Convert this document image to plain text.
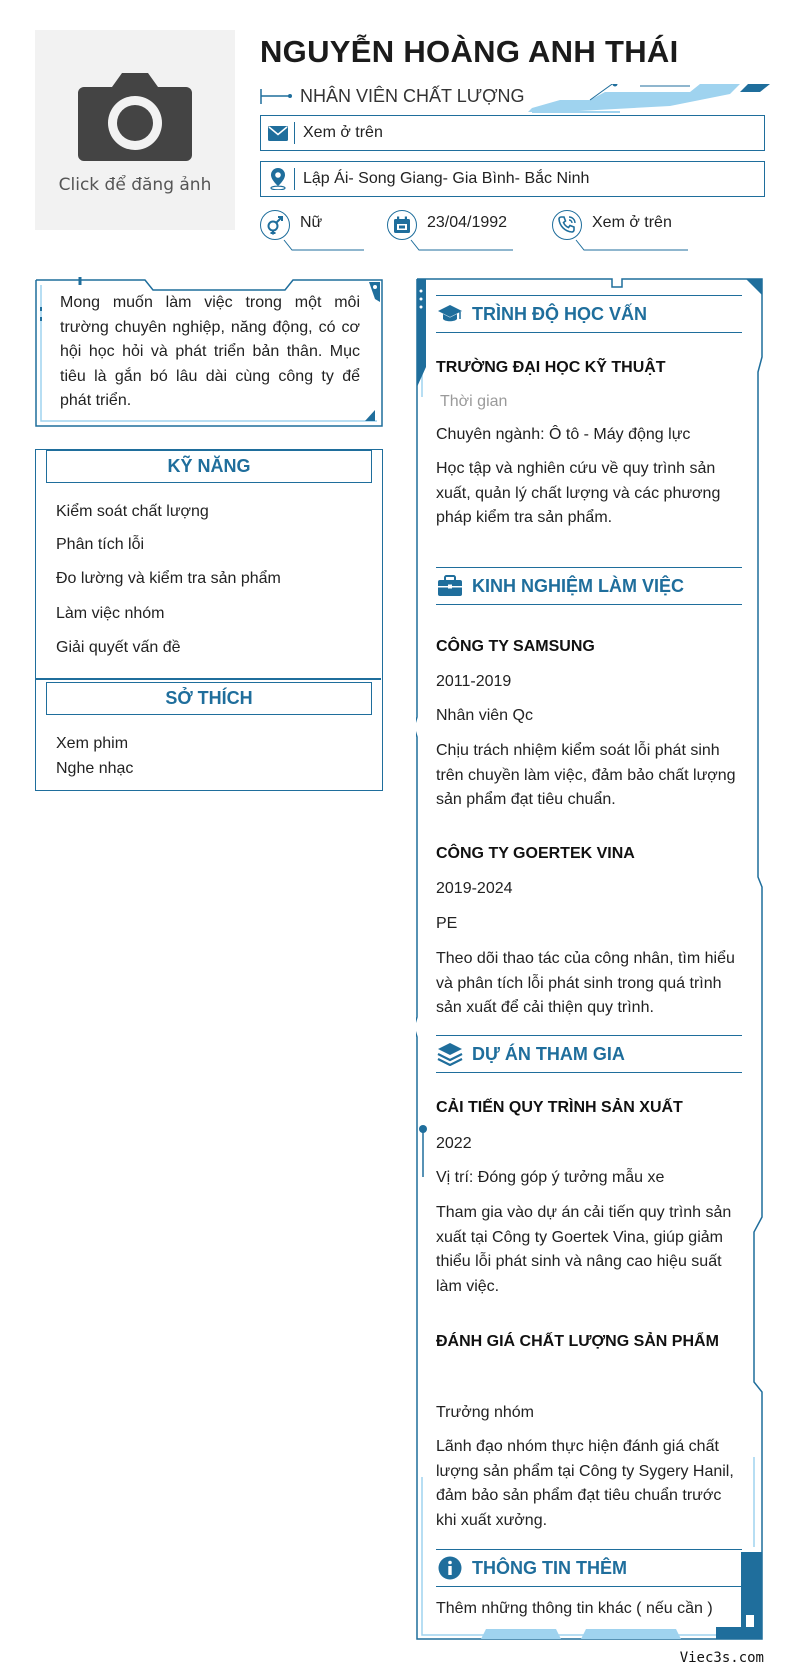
Click để đăng ảnh
NGUYỄN HOÀNG ANH THÁI
NHÂN VIÊN CHẤT LƯỢNG
Xem ở trên
Lập Ái- Song Giang- Gia Bình- Bắc Ninh
Nữ	23/04/1992	Xem ở trên
Mong muốn làm việc trong một môi trường chuyên nghiệp, năng động, có cơ hội học hỏi và phát triển bản thân. Mục tiêu là gắn bó lâu dài cùng công ty để phát triển.
KỸ NĂNG
Kiểm soát chất lượng
Phân tích lỗi
Đo lường và kiểm tra sản phẩm
Làm việc nhóm
Giải quyết vấn đề
SỞ THÍCH
Xem phim
Nghe nhạc
TRÌNH ĐỘ HỌC VẤN
TRƯỜNG ĐẠI HỌC KỸ THUẬT
Thời gian
Chuyên ngành: Ô tô - Máy động lực
Học tập và nghiên cứu về quy trình sản xuất, quản lý chất lượng và các phương pháp kiểm tra sản phẩm.
KINH NGHIỆM LÀM VIỆC
CÔNG TY SAMSUNG
2011-2019
Nhân viên Qc
Chịu trách nhiệm kiểm soát lỗi phát sinh trên chuyền làm việc, đảm bảo chất lượng sản phẩm đạt tiêu chuẩn.
CÔNG TY GOERTEK VINA
2019-2024
PE
Theo dõi thao tác của công nhân, tìm hiểu và phân tích lỗi phát sinh trong quá trình sản xuất để cải thiện quy trình.
DỰ ÁN THAM GIA
CẢI TIẾN QUY TRÌNH SẢN XUẤT
2022
Vị trí: Đóng góp ý tưởng mẫu xe
Tham gia vào dự án cải tiến quy trình sản xuất tại Công ty Goertek Vina, giúp giảm thiểu lỗi phát sinh và nâng cao hiệu suất làm việc.
ĐÁNH GIÁ CHẤT LƯỢNG SẢN PHẨM
Trưởng nhóm
Lãnh đạo nhóm thực hiện đánh giá chất lượng sản phẩm tại Công ty Sygery Hanil, đảm bảo sản phẩm đạt tiêu chuẩn trước khi xuất xưởng.
THÔNG TIN THÊM
Thêm những thông tin khác ( nếu cần )
Viec3s.com
